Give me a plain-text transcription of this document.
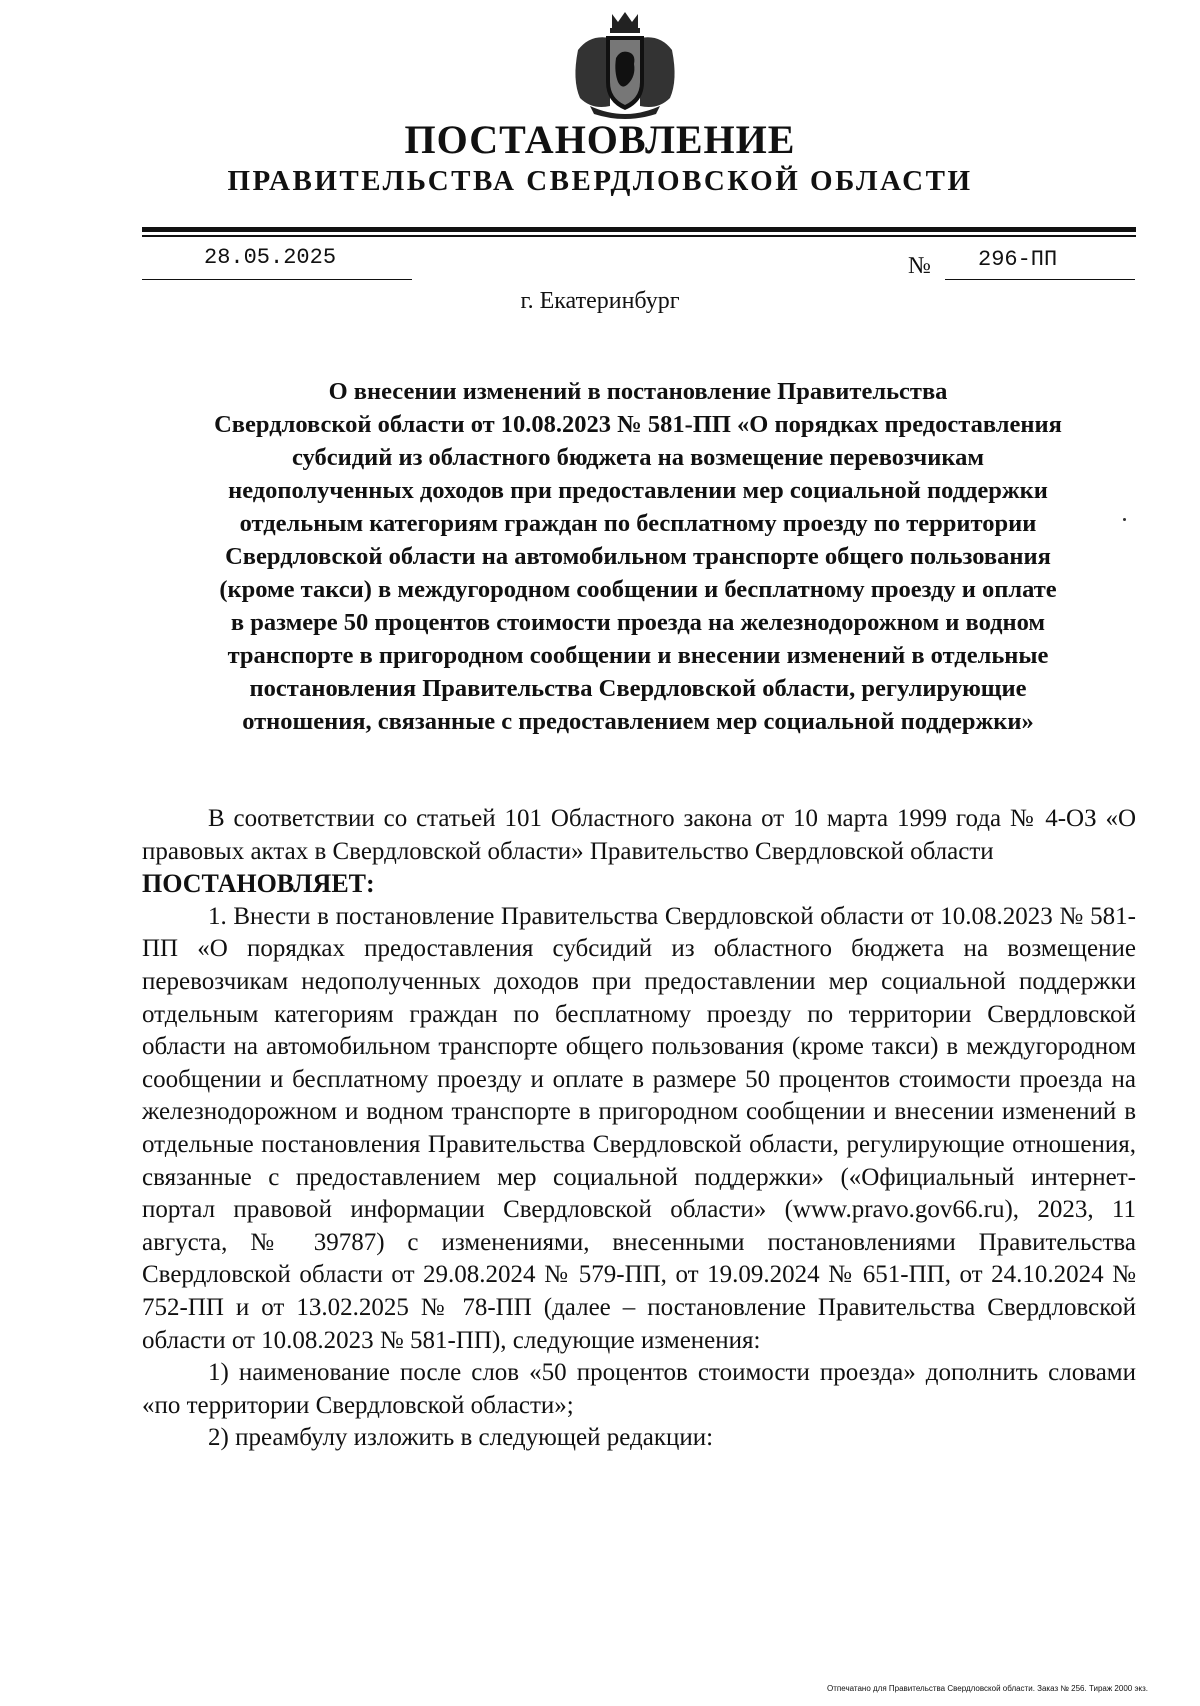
ПОСТАНОВЛЕНИЕ
ПРАВИТЕЛЬСТВА СВЕРДЛОВСКОЙ ОБЛАСТИ
28.05.2025	№ 296-ПП
г. Екатеринбург
О внесении изменений в постановление Правительства
Свердловской области от 10.08.2023 № 581-ПП «О порядках предоставления
субсидий из областного бюджета на возмещение перевозчикам
недополученных доходов при предоставлении мер социальной поддержки
отдельным категориям граждан по бесплатному проезду по территории
Свердловской области на автомобильном транспорте общего пользования
(кроме такси) в междугородном сообщении и бесплатному проезду и оплате
в размере 50 процентов стоимости проезда на железнодорожном и водном
транспорте в пригородном сообщении и внесении изменений в отдельные
постановления Правительства Свердловской области, регулирующие
отношения, связанные с предоставлением мер социальной поддержки»

В соответствии со статьей 101 Областного закона от 10 марта 1999 года № 4-ОЗ «О правовых актах в Свердловской области» Правительство Свердловской области

ПОСТАНОВЛЯЕТ:

1. Внести в постановление Правительства Свердловской области от 10.08.2023 № 581-ПП «О порядках предоставления субсидий из областного бюджета на возмещение перевозчикам недополученных доходов при предоставлении мер социальной поддержки отдельным категориям граждан по бесплатному проезду по территории Свердловской области на автомобильном транспорте общего пользования (кроме такси) в междугородном сообщении и бесплатному проезду и оплате в размере 50 процентов стоимости проезда на железнодорожном и водном транспорте в пригородном сообщении и внесении изменений в отдельные постановления Правительства Свердловской области, регулирующие отношения, связанные с предоставлением мер социальной поддержки» («Официальный интернет-портал правовой информации Свердловской области» (www.pravo.gov66.ru), 2023, 11 августа, № 39787) с изменениями, внесенными постановлениями Правительства Свердловской области от 29.08.2024 № 579-ПП, от 19.09.2024 № 651-ПП, от 24.10.2024 № 752-ПП и от 13.02.2025 № 78-ПП (далее – постановление Правительства Свердловской области от 10.08.2023 № 581-ПП), следующие изменения:

1) наименование после слов «50 процентов стоимости проезда» дополнить словами «по территории Свердловской области»;

2) преамбулу изложить в следующей редакции:

Отпечатано для Правительства Свердловской области. Заказ № 256. Тираж 2000 экз.
